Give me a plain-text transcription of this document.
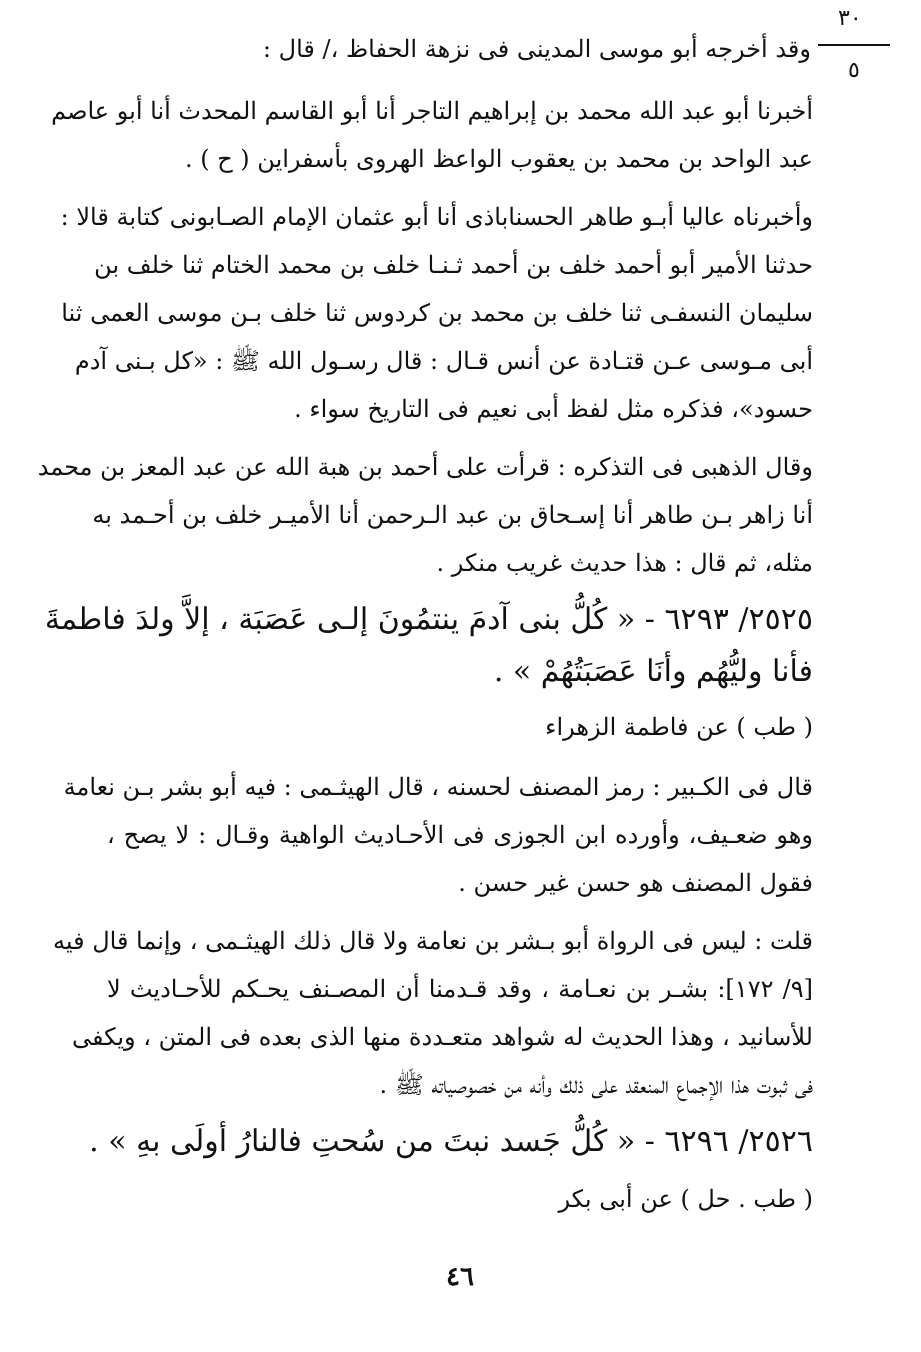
٣٠
٥
وقد أخرجه أبو موسى المدينى فى نزهة الحفاظ ،/ قال :
أخبرنا أبو عبد الله محمد بن إبراهيم التاجر أنا أبو القاسم المحدث أنا أبو عاصم
عبد الواحد بن محمد بن يعقوب الواعظ الهروى بأسفراين ( ح ) .
وأخبرناه عاليا أبـو طاهر الحسناباذى أنا أبو عثمان الإمام الصـابونى كتابة قالا :
حدثنا الأمير أبو أحمد خلف بن أحمد ثـنـا خلف بن محمد الختام ثنا خلف بن
سليمان النسفـى ثنا خلف بن محمد بن كردوس ثنا خلف بـن موسى العمى ثنا
أبى مـوسى عـن قتـادة عن أنس قـال : قال رسـول الله ﷺ : «كل بـنى آدم
حسود»، فذكره مثل لفظ أبى نعيم فى التاريخ سواء .
وقال الذهبى فى التذكره : قرأت على أحمد بن هبة الله عن عبد المعز بن محمد
أنا زاهر بـن طاهر أنا إسـحاق بن عبد الـرحمن أنا الأميـر خلف بن أحـمد به
مثله، ثم قال : هذا حديث غريب منكر .
٢٥٢٥/ ٦٢٩٣ - « كُلُّ بنى آدمَ ينتمُونَ إلـى عَصَبَة ، إلاَّ ولدَ فاطمةَ
فأنا وليُّهُم وأنَا عَصَبَتُهُمْ » .
( طب ) عن فاطمة الزهراء
قال فى الكـبير : رمز المصنف لحسنه ، قال الهيثـمى : فيه أبو بشر بـن نعامة
وهو ضعـيف، وأورده ابن الجوزى فى الأحـاديث الواهية وقـال : لا يصح ،
فقول المصنف هو حسن غير حسن .
قلت : ليس فى الرواة أبو بـشر بن نعامة ولا قال ذلك الهيثـمى ، وإنما قال فيه
[٩/ ١٧٢]: بشـر بن نعـامة ، وقد قـدمنا أن المصـنف يحـكم للأحـاديث لا
للأسانيد ، وهذا الحديث له شواهد متعـددة منها الذى بعده فى المتن ، ويكفى
فى ثبوت هذا الإجماع المنعقد على ذلك وأنه من خصوصياته ﷺ .
٢٥٢٦/ ٦٢٩٦ - « كُلُّ جَسد نبتَ من سُحتِ فالنارُ أولَى بهِ » .
( طب . حل ) عن أبى بكر
٤٦
